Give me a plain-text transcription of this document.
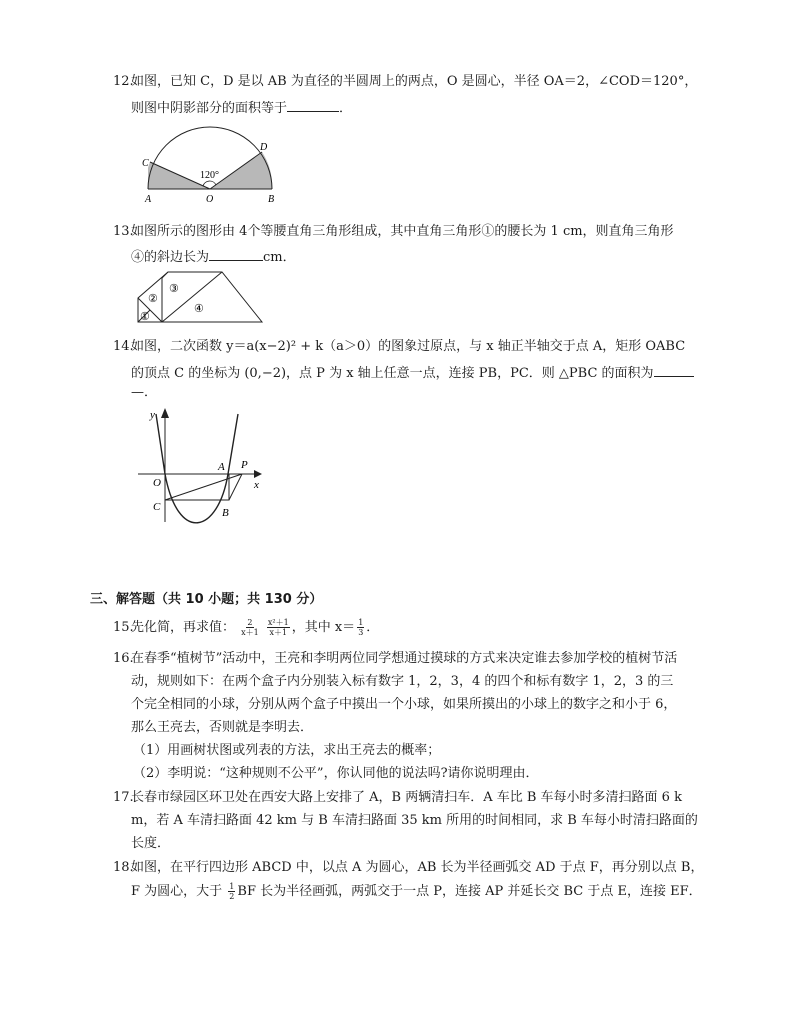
12.
如图，已知 C，D 是以 AB 为直径的半圆周上的两点，O 是圆心，半径 OA＝2，∠COD＝120°，
则图中阴影部分的面积等于	．
120°
C
D
A	O	B
13.
如图所示的图形由 4个等腰直角三角形组成，其中直角三角形①的腰长为 1 cm，则直角三角形
④的斜边长为	cm．
①
②
③
④
14.
如图，二次函数 y＝a(x−2)² + k（a＞0）的图象过原点，与 x 轴正半轴交于点 A，矩形 OABC
的顶点 C 的坐标为 (0,−2)，点 P 为 x 轴上任意一点，连接 PB，PC．则 △PBC 的面积为
—．
y
x
O
A P
C	B
三、解答题（共 10 小题；共 130 分）
15.
先化简，再求值： $\frac{2}{x+1}$
$\frac{\text{x²＋1}}{x+1}$ ，其中 $x= \frac{1}{3}$ ．
16.
在春季“植树节”活动中，王亮和李明两位同学想通过摸球的方式来决定谁去参加学校的植树节活
动，规则如下：在两个盒子内分别装入标有数字 1，2，3，4 的四个和标有数字 1，2，3 的三
个完全相同的小球，分别从两个盒子中摸出一个小球，如果所摸出的小球上的数字之和小于 6，
那么王亮去，否则就是李明去．
（1）用画树状图或列表的方法，求出王亮去的概率；
（2）李明说：“这种规则不公平”，你认同他的说法吗?请你说明理由．
17.
长春市绿园区环卫处在西安大路上安排了 A，B 两辆清扫车．A 车比 B 车每小时多清扫路面 6 k
m，若 A 车清扫路面 42 km 与 B 车清扫路面 35 km 所用的时间相同，求 B 车每小时清扫路面的
长度．
18.
如图，在平行四边形 ABCD 中，以点 A 为圆心，AB 长为半径画弧交 AD 于点 F，再分别以点 B，
F 为圆心，大于 $\frac{1}{2}$ BF 长为半径画弧，两弧交于一点 P，连接 AP 并延长交 BC 于点 E，连接 EF．
